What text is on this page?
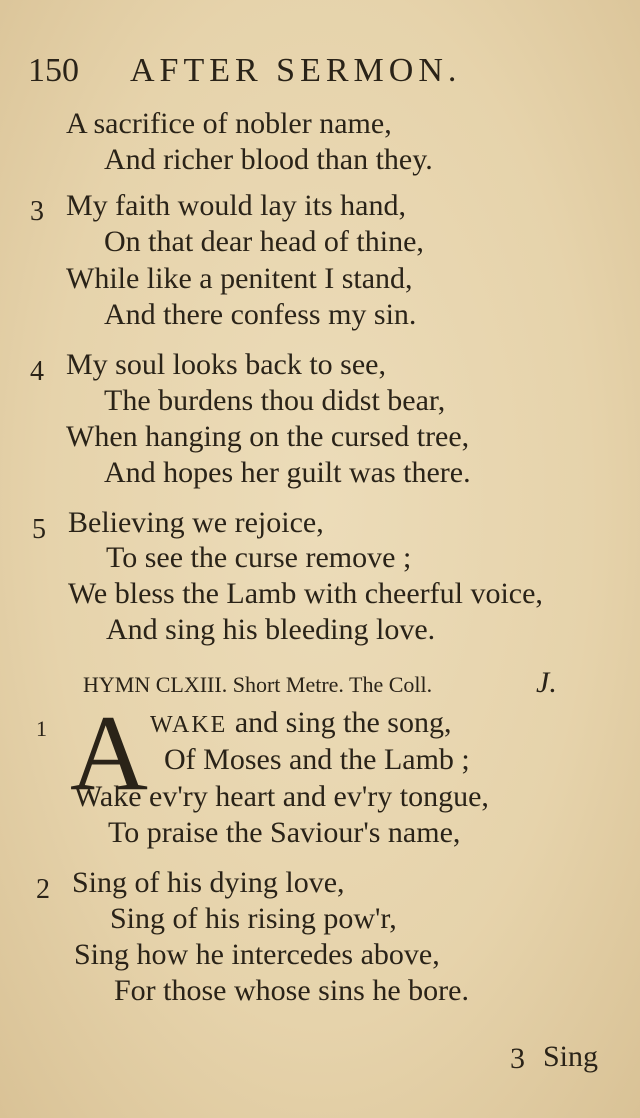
150 AFTER SERMON.
A sacrifice of nobler name,
And richer blood than they.
3 My faith would lay its hand,
On that dear head of thine,
While like a penitent I stand,
And there confess my sin.
4 My soul looks back to see,
The burdens thou didst bear,
When hanging on the cursed tree,
And hopes her guilt was there.
5 Believing we rejoice,
To see the curse remove ;
We bless the Lamb with cheerful voice,
And sing his bleeding love.
HYMN CLXIII. Short Metre. The Coll.	J.
1 A WAKE and sing the song,
Of Moses and the Lamb ;
Wake ev'ry heart and ev'ry tongue,
To praise the Saviour's name,
2 Sing of his dying love,
Sing of his rising pow'r,
Sing how he intercedes above,
For those whose sins he bore.
3 Sing
